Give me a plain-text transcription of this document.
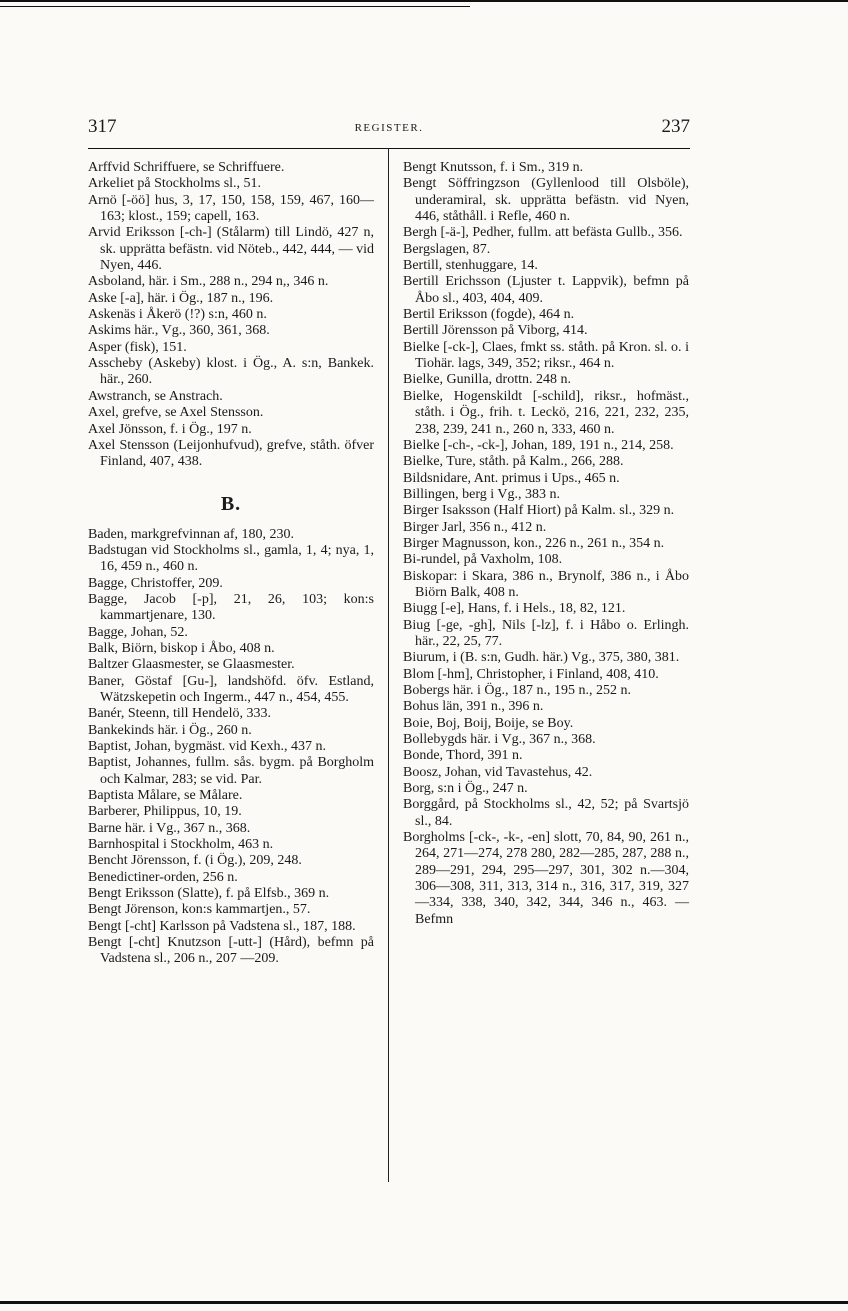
317	REGISTER.	237
Arffvid Schriffuere, se Schriffuere.
Arkeliet på Stockholms sl., 51.
Arnö [-öö] hus, 3, 17, 150, 158, 159, 467, 160—163; klost., 159; capell, 163.
Arvid Eriksson [-ch-] (Stålarm) till Lindö, 427 n, sk. upprätta befästn. vid Nöteb., 442, 444, — vid Nyen, 446.
Asboland, här. i Sm., 288 n., 294 n,, 346 n.
Aske [-a], här. i Ög., 187 n., 196.
Askenäs i Åkerö (!?) s:n, 460 n.
Askims här., Vg., 360, 361, 368.
Asper (fisk), 151.
Asscheby (Askeby) klost. i Ög., A. s:n, Bankek. här., 260.
Awstranch, se Anstrach.
Axel, grefve, se Axel Stensson.
Axel Jönsson, f. i Ög., 197 n.
Axel Stensson (Leijonhufvud), grefve, ståth. öfver Finland, 407, 438.
B.
Baden, markgrefvinnan af, 180, 230.
Badstugan vid Stockholms sl., gamla, 1, 4; nya, 1, 16, 459 n., 460 n.
Bagge, Christoffer, 209.
Bagge, Jacob [-p], 21, 26, 103; kon:s kammartjenare, 130.
Bagge, Johan, 52.
Balk, Biörn, biskop i Åbo, 408 n.
Baltzer Glaasmester, se Glaasmester.
Baner, Göstaf [Gu-], landshöfd. öfv. Estland, Wätzskepetin och Ingerm., 447 n., 454, 455.
Banér, Steenn, till Hendelö, 333.
Bankekinds här. i Ög., 260 n.
Baptist, Johan, bygmäst. vid Kexh., 437 n.
Baptist, Johannes, fullm. sås. bygm. på Borgholm och Kalmar, 283; se vid. Par.
Baptista Målare, se Målare.
Barberer, Philippus, 10, 19.
Barne här. i Vg., 367 n., 368.
Barnhospital i Stockholm, 463 n.
Bencht Jörensson, f. (i Ög.), 209, 248.
Benedictiner-orden, 256 n.
Bengt Eriksson (Slatte), f. på Elfsb., 369 n.
Bengt Jörenson, kon:s kammartjen., 57.
Bengt [-cht] Karlsson på Vadstena sl., 187, 188.
Bengt [-cht] Knutzson [-utt-] (Hård), befmn på Vadstena sl., 206 n., 207 —209.
Bengt Knutsson, f. i Sm., 319 n.
Bengt Söffringzson (Gyllenlood till Olsböle), underamiral, sk. upprätta befästn. vid Nyen, 446, ståthåll. i Refle, 460 n.
Bergh [-ä-], Pedher, fullm. att befästa Gullb., 356.
Bergslagen, 87.
Bertill, stenhuggare, 14.
Bertill Erichsson (Ljuster t. Lappvik), befmn på Åbo sl., 403, 404, 409.
Bertil Eriksson (fogde), 464 n.
Bertill Jörensson på Viborg, 414.
Bielke [-ck-], Claes, fmkt ss. ståth. på Kron. sl. o. i Tiohär. lags, 349, 352; riksr., 464 n.
Bielke, Gunilla, drottn. 248 n.
Bielke, Hogenskildt [-schild], riksr., hofmäst., ståth. i Ög., frih. t. Leckö, 216, 221, 232, 235, 238, 239, 241 n., 260 n, 333, 460 n.
Bielke [-ch-, -ck-], Johan, 189, 191 n., 214, 258.
Bielke, Ture, ståth. på Kalm., 266, 288.
Bildsnidare, Ant. primus i Ups., 465 n.
Billingen, berg i Vg., 383 n.
Birger Isaksson (Half Hiort) på Kalm. sl., 329 n.
Birger Jarl, 356 n., 412 n.
Birger Magnusson, kon., 226 n., 261 n., 354 n.
Bi-rundel, på Vaxholm, 108.
Biskopar: i Skara, 386 n., Brynolf, 386 n., i Åbo Biörn Balk, 408 n.
Biugg [-e], Hans, f. i Hels., 18, 82, 121.
Biug [-ge, -gh], Nils [-lz], f. i Håbo o. Erlingh. här., 22, 25, 77.
Biurum, i (B. s:n, Gudh. här.) Vg., 375, 380, 381.
Blom [-hm], Christopher, i Finland, 408, 410.
Bobergs här. i Ög., 187 n., 195 n., 252 n.
Bohus län, 391 n., 396 n.
Boie, Boj, Boij, Boije, se Boy.
Bollebygds här. i Vg., 367 n., 368.
Bonde, Thord, 391 n.
Boosz, Johan, vid Tavastehus, 42.
Borg, s:n i Ög., 247 n.
Borggård, på Stockholms sl., 42, 52; på Svartsjö sl., 84.
Borgholms [-ck-, -k-, -en] slott, 70, 84, 90, 261 n., 264, 271—274, 278 280, 282—285, 287, 288 n., 289—291, 294, 295—297, 301, 302 n.—304, 306—308, 311, 313, 314 n., 316, 317, 319, 327—334, 338, 340, 342, 344, 346 n., 463. — Befmn
